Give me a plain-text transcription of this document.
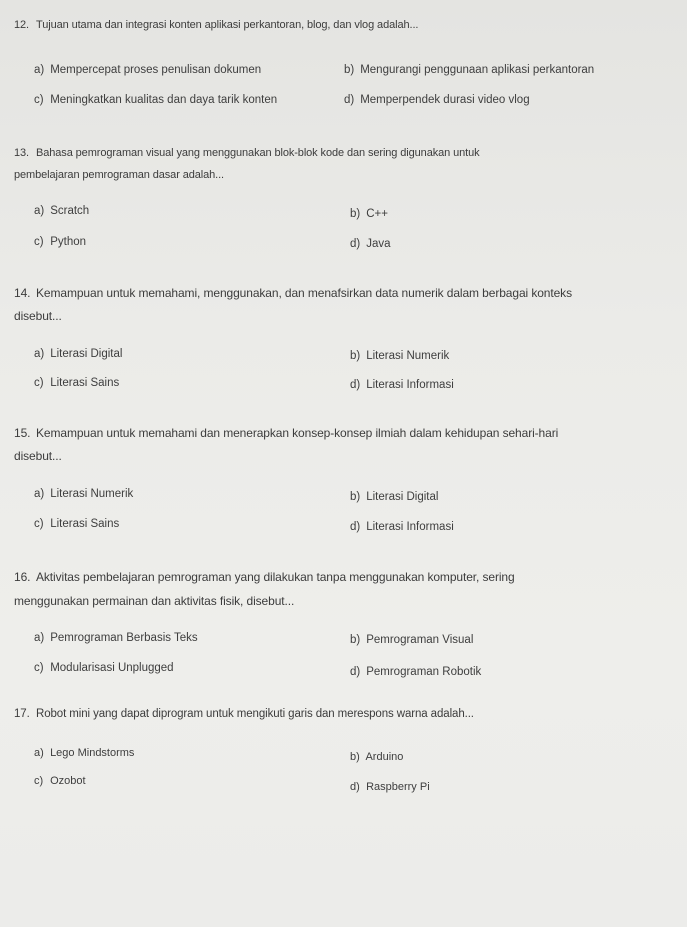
12. Tujuan utama dan integrasi konten aplikasi perkantoran, blog, dan vlog adalah...
a) Mempercepat proses penulisan dokumen	b) Mengurangi penggunaan aplikasi perkantoran
c) Meningkatkan kualitas dan daya tarik konten	d) Memperpendek durasi video vlog
13. Bahasa pemrograman visual yang menggunakan blok-blok kode dan sering digunakan untuk
pembelajaran pemrograman dasar adalah...
a) Scratch	b) C++
c) Python	d) Java
14. Kemampuan untuk memahami, menggunakan, dan menafsirkan data numerik dalam berbagai konteks
disebut...
a) Literasi Digital	b) Literasi Numerik
c) Literasi Sains	d) Literasi Informasi
15. Kemampuan untuk memahami dan menerapkan konsep-konsep ilmiah dalam kehidupan sehari-hari
disebut...
a) Literasi Numerik	b) Literasi Digital
c) Literasi Sains	d) Literasi Informasi
16. Aktivitas pembelajaran pemrograman yang dilakukan tanpa menggunakan komputer, sering
menggunakan permainan dan aktivitas fisik, disebut...
a) Pemrograman Berbasis Teks	b) Pemrograman Visual
c) Modularisasi Unplugged	d) Pemrograman Robotik
17. Robot mini yang dapat diprogram untuk mengikuti garis dan merespons warna adalah...
a) Lego Mindstorms	b) Arduino
c) Ozobot	d) Raspberry Pi
